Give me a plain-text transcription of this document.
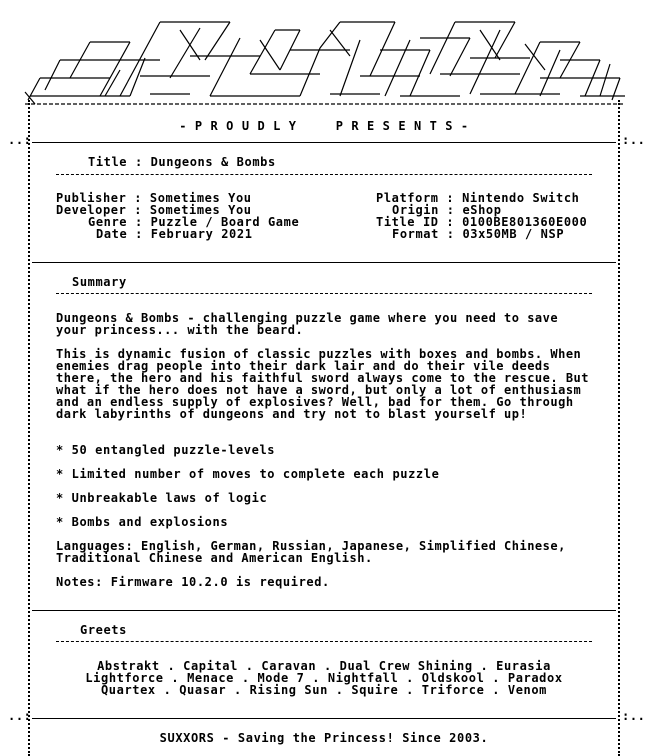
..:	:..
..:	:..
- P R O U D L Y     P R E S E N T S -
Title : Dungeons & Bombs
Publisher : Sometimes You
Developer : Sometimes You
Genre : Puzzle / Board Game
Date : February 2021
Platform : Nintendo Switch
Origin : eShop
Title ID : 0100BE801360E000
Format : 03x50MB / NSP
Summary
Dungeons & Bombs - challenging puzzle game where you need to save your princess... with the beard.
This is dynamic fusion of classic puzzles with boxes and bombs. When enemies drag people into their dark lair and do their vile deeds there, the hero and his faithful sword always come to the rescue. But what if the hero does not have a sword, but only a lot of enthusiasm and an endless supply of explosives? Well, bad for them. Go through dark labyrinths of dungeons and try not to blast yourself up!
* 50 entangled puzzle-levels
* Limited number of moves to complete each puzzle
* Unbreakable laws of logic
* Bombs and explosions
Languages: English, German, Russian, Japanese, Simplified Chinese, Traditional Chinese and American English.
Notes: Firmware 10.2.0 is required.
Greets
Abstrakt . Capital . Caravan . Dual Crew Shining . Eurasia
Lightforce . Menace . Mode 7 . Nightfall . Oldskool . Paradox
Quartex . Quasar . Rising Sun . Squire . Triforce . Venom
SUXXORS - Saving the Princess! Since 2003.
